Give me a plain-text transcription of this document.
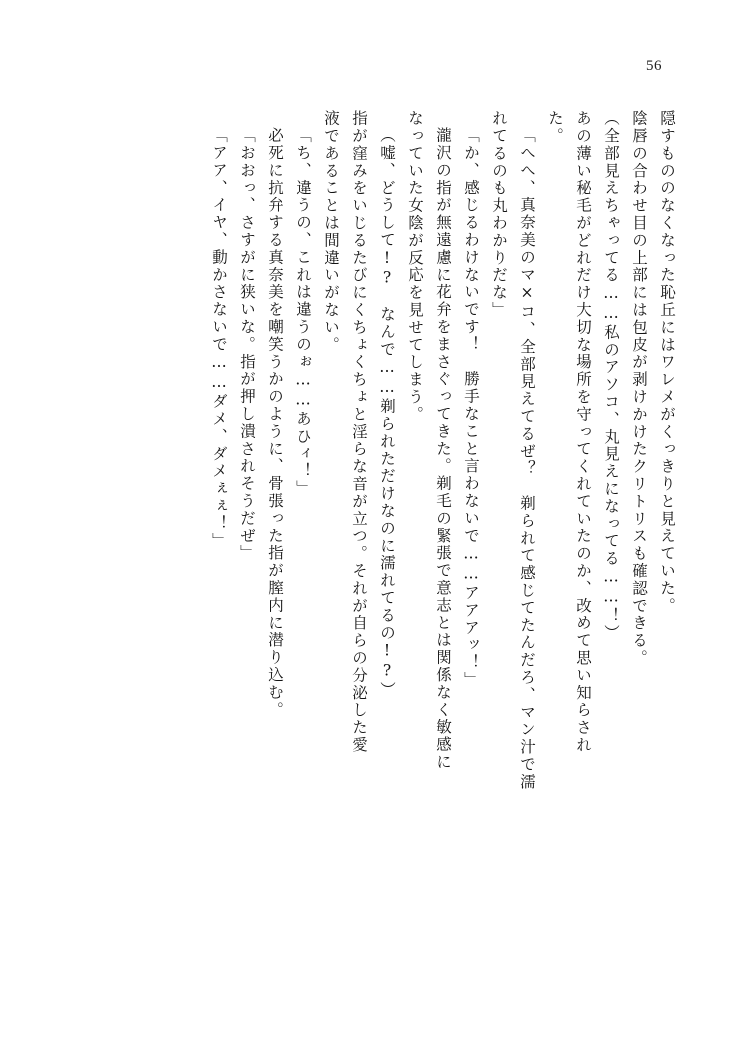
56
隠すもののなくなった恥丘にはワレメがくっきりと見えていた。
陰唇の合わせ目の上部には包皮が剥けかけたクリトリスも確認できる。
（全部見えちゃってる……私のアソコ、丸見えになってる……！）
あの薄い秘毛がどれだけ大切な場所を守ってくれていたのか、改めて思い知らされ
た。
「へへ、真奈美のマ×コ、全部見えてるぜ？　剃られて感じてたんだろ、マン汁で濡
れてるのも丸わかりだな」
「か、感じるわけないです！　勝手なこと言わないで……アアアッ！」
瀧沢の指が無遠慮に花弁をまさぐってきた。剃毛の緊張で意志とは関係なく敏感に
なっていた女陰が反応を見せてしまう。
（嘘、どうして!?　なんで……剃られただけなのに濡れてるの!?）
指が窪みをいじるたびにくちょくちょと淫らな音が立つ。それが自らの分泌した愛
液であることは間違いがない。
「ち、違うの、これは違うのぉ……あひィ！」
必死に抗弁する真奈美を嘲笑うかのように、骨張った指が膣内に潜り込む。
「おおっ、さすがに狭いな。指が押し潰されそうだぜ」
「アア、イヤ、動かさないで……ダメ、ダメぇぇ！」
